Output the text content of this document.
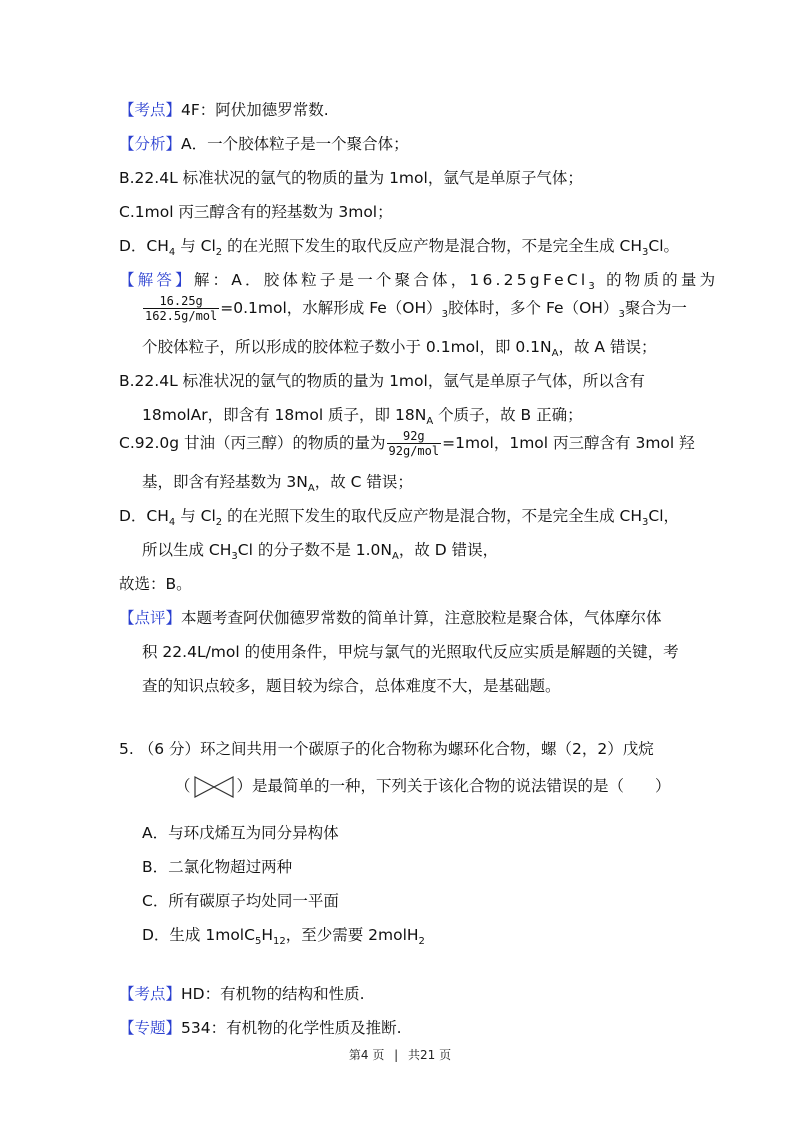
【考点】4F：阿伏加德罗常数.
【分析】A．一个胶体粒子是一个聚合体；
B.22.4L 标准状况的氩气的物质的量为 1mol，氩气是单原子气体；
C.1mol 丙三醇含有的羟基数为 3mol；
D．$CH_4$ 与 $Cl_2$ 的在光照下发生的取代反应产物是混合物，不是完全生成 $CH_3Cl$。
【解答】解：A．胶体粒子是一个聚合体，16.25gFeCl$_3$ 的物质的量为
$\frac{16.25g}{\text{162.5g/mol}} =0.1mol$，水解形成 $Fe(OH)_3$胶体时，多个 $Fe(OH)_3$聚合为一
个胶体粒子，所以形成的胶体粒子数小于 0.1mol，即 $0.1N_A$，故 A 错误；
B.22.4L 标准状况的氩气的物质的量为 1mol，氩气是单原子气体，所以含有
18molAr，即含有 18mol 质子，即 $18N_A$ 个质子，故 B 正确；
C.92.0g 甘油（丙三醇）的物质的量为 $\frac{92g}{\text{92g/mol}} =1mol$，1mol 丙三醇含有 3mol 羟
基，即含有羟基数为 $3N_A$，故 C 错误；
D．$CH_4$ 与 $Cl_2$ 的在光照下发生的取代反应产物是混合物，不是完全生成 $CH_3Cl$，
所以生成 $CH_3Cl$ 的分子数不是 $1.0N_A$，故 D 错误，
故选：B。
【点评】本题考查阿伏伽德罗常数的简单计算，注意胶粒是聚合体，气体摩尔体
积 22.4L/mol 的使用条件，甲烷与氯气的光照取代反应实质是解题的关键，考
查的知识点较多，题目较为综合，总体难度不大，是基础题。
5. （6 分）环之间共用一个碳原子的化合物称为螺环化合物，螺（2，2）戊烷
（	）是最简单的一种，下列关于该化合物的说法错误的是（　　）
A．与环戊烯互为同分异构体
B．二氯化物超过两种
C．所有碳原子均处同一平面
D．生成 $1molC_5H_{12}$，至少需要 2molH$_2$
【考点】HD：有机物的结构和性质.
【专题】534：有机物的化学性质及推断.
第4 页 | 共21 页
